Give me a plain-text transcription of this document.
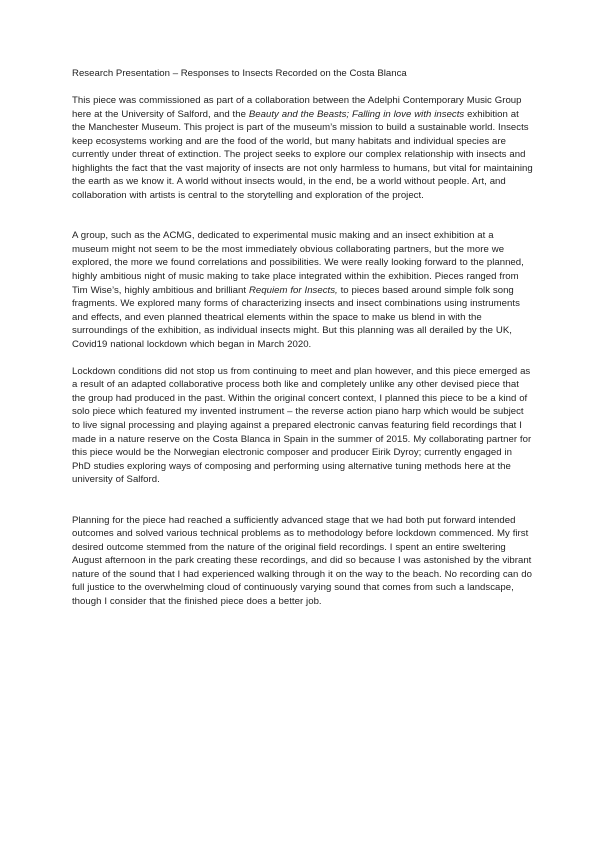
Research Presentation – Responses to Insects Recorded on the Costa Blanca

This piece was commissioned as part of a collaboration between the Adelphi Contemporary Music Group here at the University of Salford, and the Beauty and the Beasts; Falling in love with insects exhibition at the Manchester Museum. This project is part of the museum’s mission to build a sustainable world. Insects keep ecosystems working and are the food of the world, but many habitats and individual species are currently under threat of extinction. The project seeks to explore our complex relationship with insects and highlights the fact that the vast majority of insects are not only harmless to humans, but vital for maintaining the earth as we know it. A world without insects would, in the end, be a world without people. Art, and collaboration with artists is central to the storytelling and exploration of the project.

A group, such as the ACMG, dedicated to experimental music making and an insect exhibition at a museum might not seem to be the most immediately obvious collaborating partners, but the more we explored, the more we found correlations and possibilities. We were really looking forward to the planned, highly ambitious night of music making to take place integrated within the exhibition. Pieces ranged from Tim Wise’s, highly ambitious and brilliant Requiem for Insects, to pieces based around simple folk song fragments. We explored many forms of characterizing insects and insect combinations using instruments and effects, and even planned theatrical elements within the space to make us blend in with the surroundings of the exhibition, as individual insects might. But this planning was all derailed by the UK, Covid19 national lockdown which began in March 2020.

Lockdown conditions did not stop us from continuing to meet and plan however, and this piece emerged as a result of an adapted collaborative process both like and completely unlike any other devised piece that the group had produced in the past. Within the original concert context, I planned this piece to be a kind of solo piece which featured my invented instrument – the reverse action piano harp which would be subject to live signal processing and playing against a prepared electronic canvas featuring field recordings that I made in a nature reserve on the Costa Blanca in Spain in the summer of 2015. My collaborating partner for this piece would be the Norwegian electronic composer and producer Eirik Dyroy; currently engaged in PhD studies exploring ways of composing and performing using alternative tuning methods here at the university of Salford.

Planning for the piece had reached a sufficiently advanced stage that we had both put forward intended outcomes and solved various technical problems as to methodology before lockdown commenced. My first desired outcome stemmed from the nature of the original field recordings. I spent an entire sweltering August afternoon in the park creating these recordings, and did so because I was astonished by the vibrant nature of the sound that I had experienced walking through it on the way to the beach. No recording can do full justice to the overwhelming cloud of continuously varying sound that comes from such a landscape, though I consider that the finished piece does a better job.
